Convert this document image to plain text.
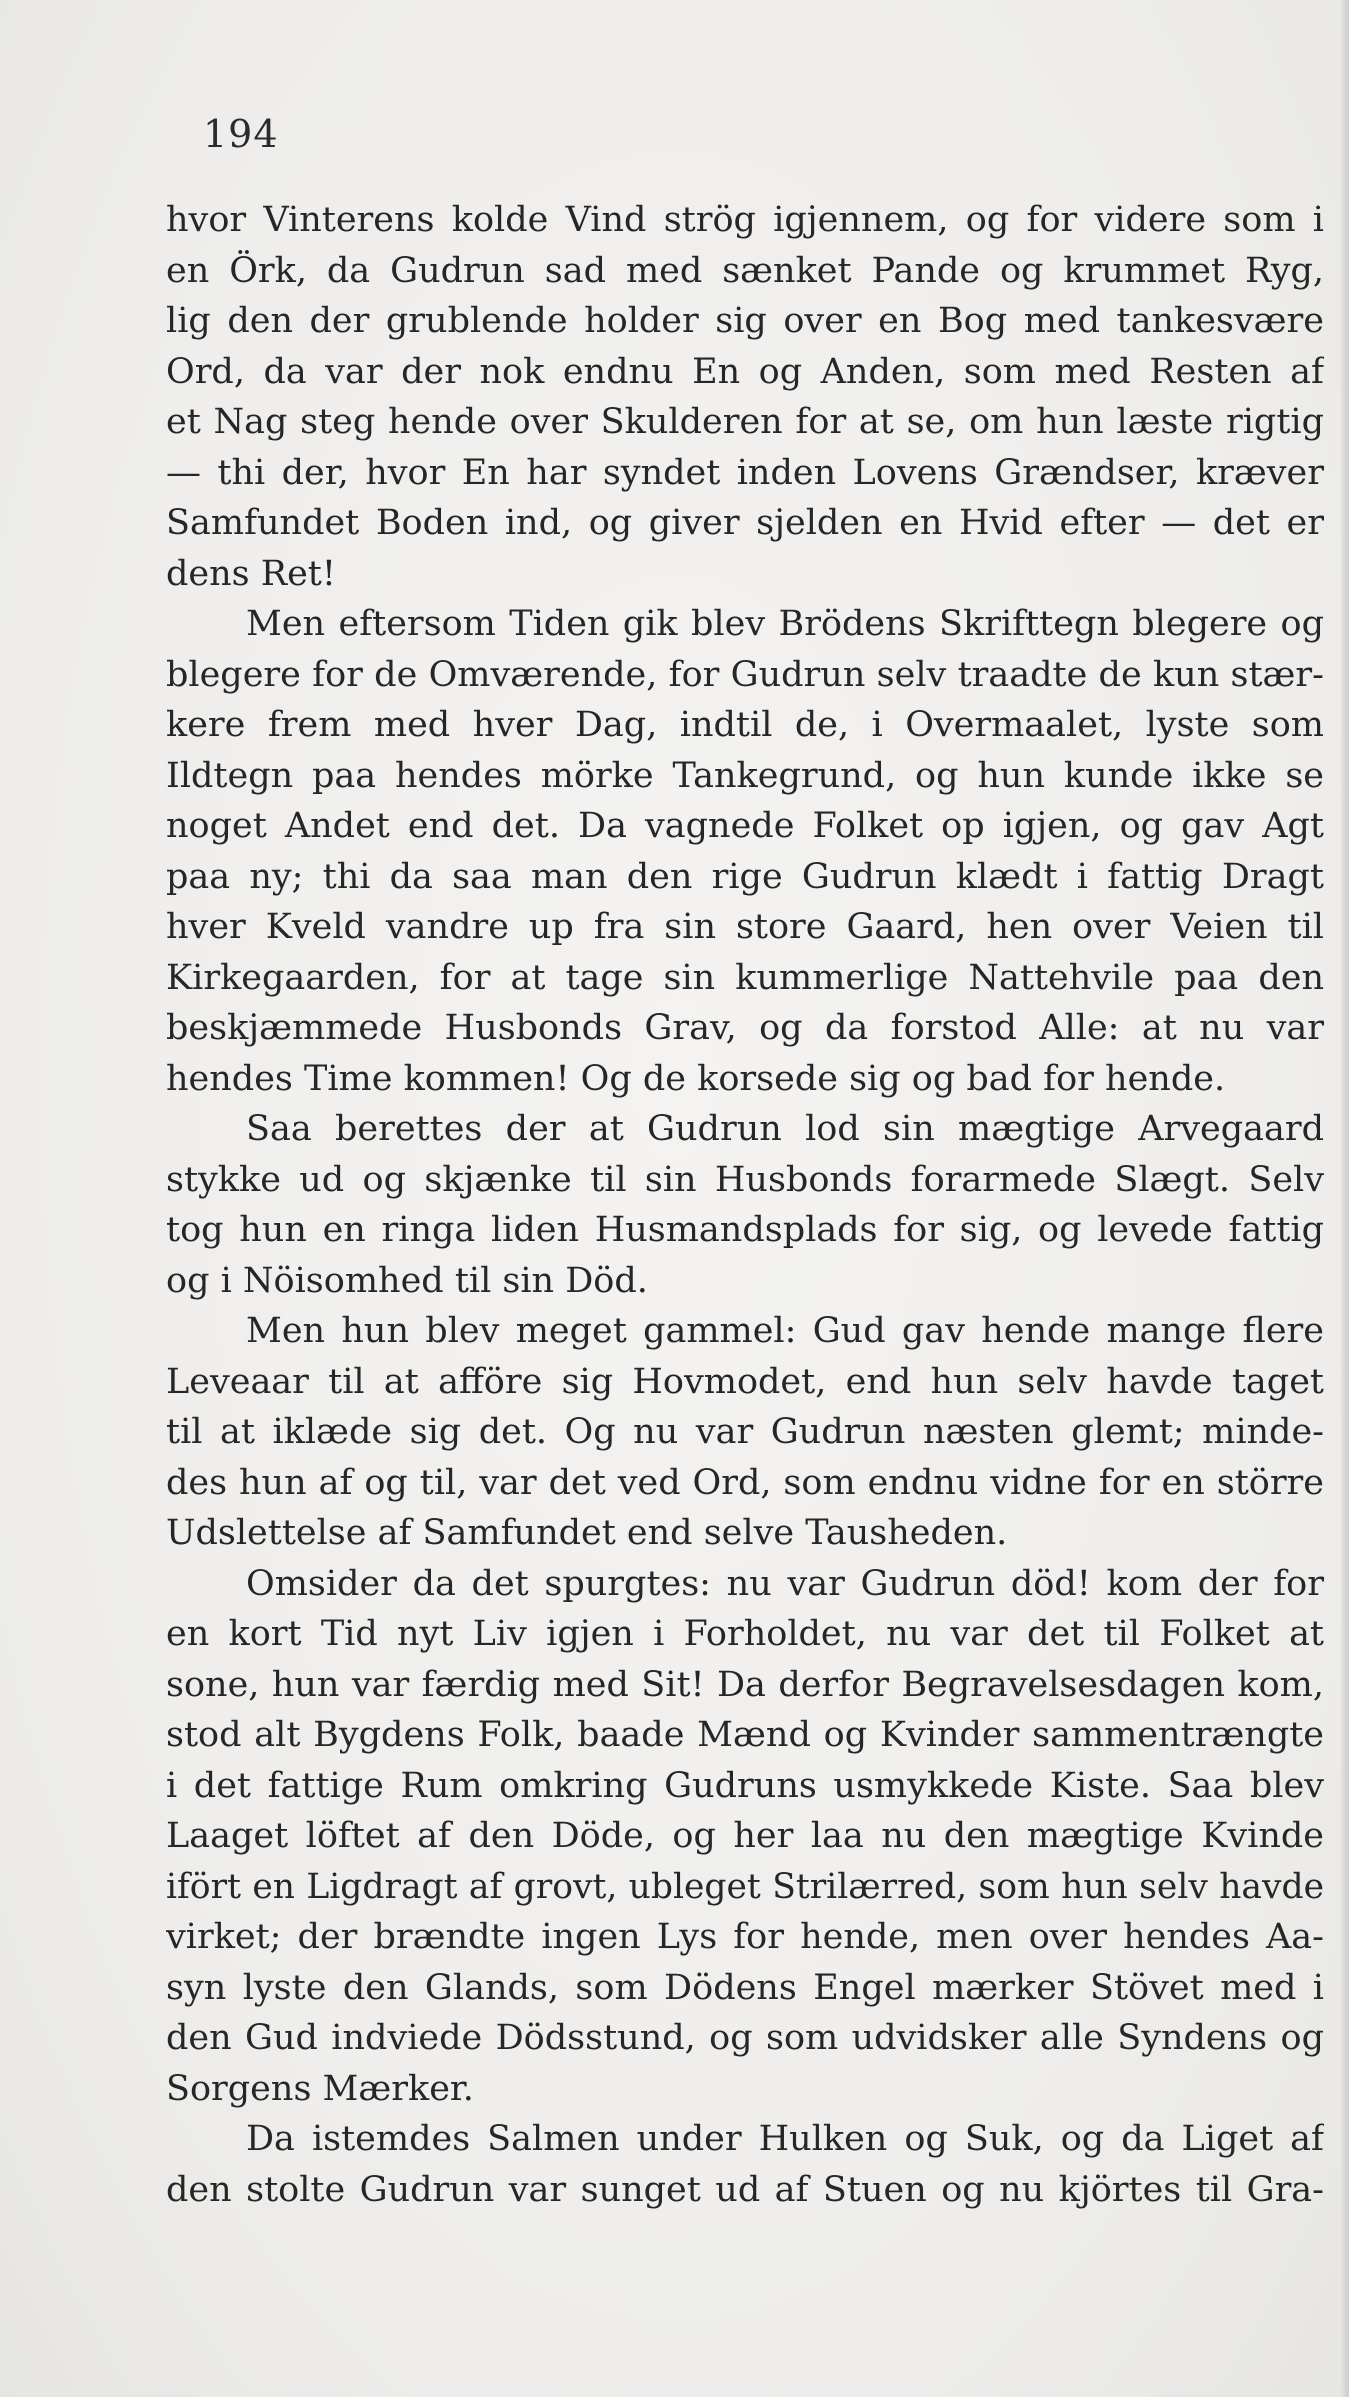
194
hvor Vinterens kolde Vind strög igjennem, og for videre som i
en Örk, da Gudrun sad med sænket Pande og krummet Ryg,
lig den der grublende holder sig over en Bog med tankesvære
Ord, da var der nok endnu En og Anden, som med Resten af
et Nag steg hende over Skulderen for at se, om hun læste rigtig
— thi der, hvor En har syndet inden Lovens Grændser, kræver
Samfundet Boden ind, og giver sjelden en Hvid efter — det er
dens Ret!
Men eftersom Tiden gik blev Brödens Skrifttegn blegere og
blegere for de Omværende, for Gudrun selv traadte de kun stær-
kere frem med hver Dag, indtil de, i Overmaalet, lyste som
Ildtegn paa hendes mörke Tankegrund, og hun kunde ikke se
noget Andet end det. Da vagnede Folket op igjen, og gav Agt
paa ny; thi da saa man den rige Gudrun klædt i fattig Dragt
hver Kveld vandre up fra sin store Gaard, hen over Veien til
Kirkegaarden, for at tage sin kummerlige Nattehvile paa den
beskjæmmede Husbonds Grav, og da forstod Alle: at nu var
hendes Time kommen! Og de korsede sig og bad for hende.
Saa berettes der at Gudrun lod sin mægtige Arvegaard
stykke ud og skjænke til sin Husbonds forarmede Slægt. Selv
tog hun en ringa liden Husmandsplads for sig, og levede fattig
og i Nöisomhed til sin Död.
Men hun blev meget gammel: Gud gav hende mange flere
Leveaar til at afföre sig Hovmodet, end hun selv havde taget
til at iklæde sig det. Og nu var Gudrun næsten glemt; minde-
des hun af og til, var det ved Ord, som endnu vidne for en större
Udslettelse af Samfundet end selve Tausheden.
Omsider da det spurgtes: nu var Gudrun död! kom der for
en kort Tid nyt Liv igjen i Forholdet, nu var det til Folket at
sone, hun var færdig med Sit! Da derfor Begravelsesdagen kom,
stod alt Bygdens Folk, baade Mænd og Kvinder sammentrængte
i det fattige Rum omkring Gudruns usmykkede Kiste. Saa blev
Laaget löftet af den Döde, og her laa nu den mægtige Kvinde
ifört en Ligdragt af grovt, ubleget Strilærred, som hun selv havde
virket; der brændte ingen Lys for hende, men over hendes Aa-
syn lyste den Glands, som Dödens Engel mærker Stövet med i
den Gud indviede Dödsstund, og som udvidsker alle Syndens og
Sorgens Mærker.
Da istemdes Salmen under Hulken og Suk, og da Liget af
den stolte Gudrun var sunget ud af Stuen og nu kjörtes til Gra-
